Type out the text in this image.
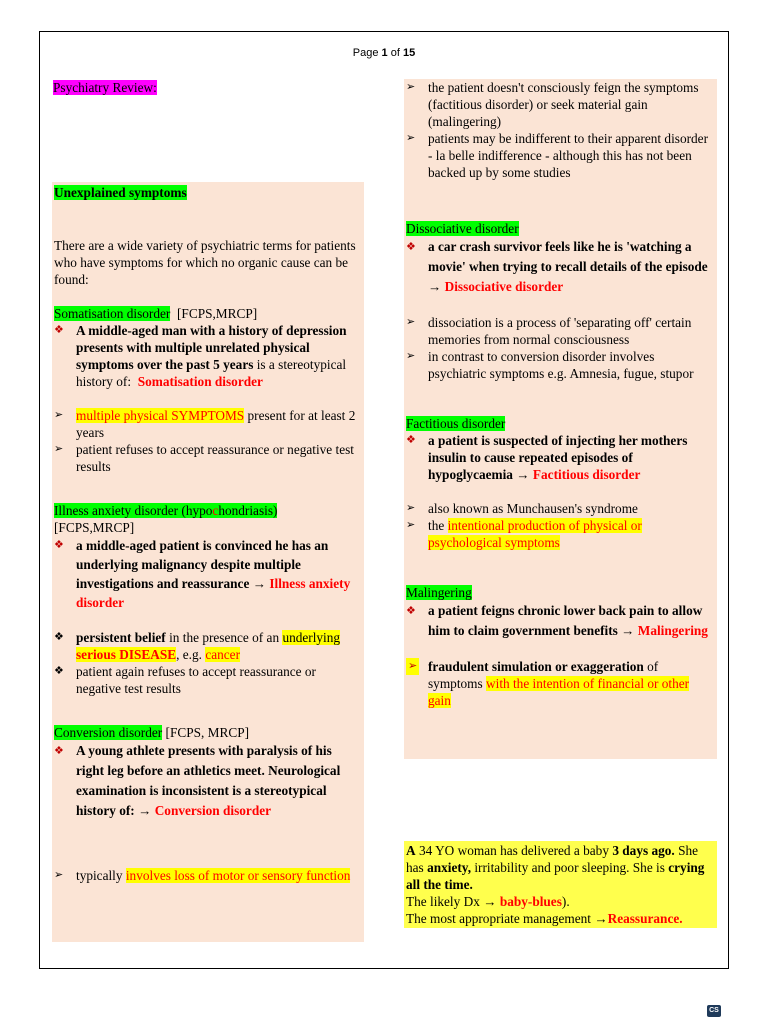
Page 1 of 15
Psychiatry Review:
Unexplained symptoms
There are a wide variety of psychiatric terms for patients who have symptoms for which no organic cause can be found:
Somatisation disorder [FCPS,MRCP]
❖ A middle-aged man with a history of depression presents with multiple unrelated physical symptoms over the past 5 years is a stereotypical history of: Somatisation disorder
➢ multiple physical SYMPTOMS present for at least 2 years
➢ patient refuses to accept reassurance or negative test results
Illness anxiety disorder (hypochondriasis)
[FCPS,MRCP]
❖ a middle-aged patient is convinced he has an underlying malignancy despite multiple investigations and reassurance → Illness anxiety disorder
❖ persistent belief in the presence of an underlying serious DISEASE, e.g. cancer
❖ patient again refuses to accept reassurance or negative test results
Conversion disorder [FCPS, MRCP]
❖ A young athlete presents with paralysis of his right leg before an athletics meet. Neurological examination is inconsistent is a stereotypical history of: → Conversion disorder
➢ typically involves loss of motor or sensory function
➢ the patient doesn't consciously feign the symptoms (factitious disorder) or seek material gain (malingering)
➢ patients may be indifferent to their apparent disorder - la belle indifference - although this has not been backed up by some studies
Dissociative disorder
❖ a car crash survivor feels like he is 'watching a movie' when trying to recall details of the episode → Dissociative disorder
➢ dissociation is a process of 'separating off' certain memories from normal consciousness
➢ in contrast to conversion disorder involves psychiatric symptoms e.g. Amnesia, fugue, stupor
Factitious disorder
❖ a patient is suspected of injecting her mothers insulin to cause repeated episodes of hypoglycaemia → Factitious disorder
➢ also known as Munchausen's syndrome
➢ the intentional production of physical or psychological symptoms
Malingering
❖ a patient feigns chronic lower back pain to allow him to claim government benefits → Malingering
➢ fraudulent simulation or exaggeration of symptoms with the intention of financial or other gain
A 34 YO woman has delivered a baby 3 days ago. She has anxiety, irritability and poor sleeping. She is crying all the time.
The likely Dx → baby-blues).
The most appropriate management →Reassurance.
CS
